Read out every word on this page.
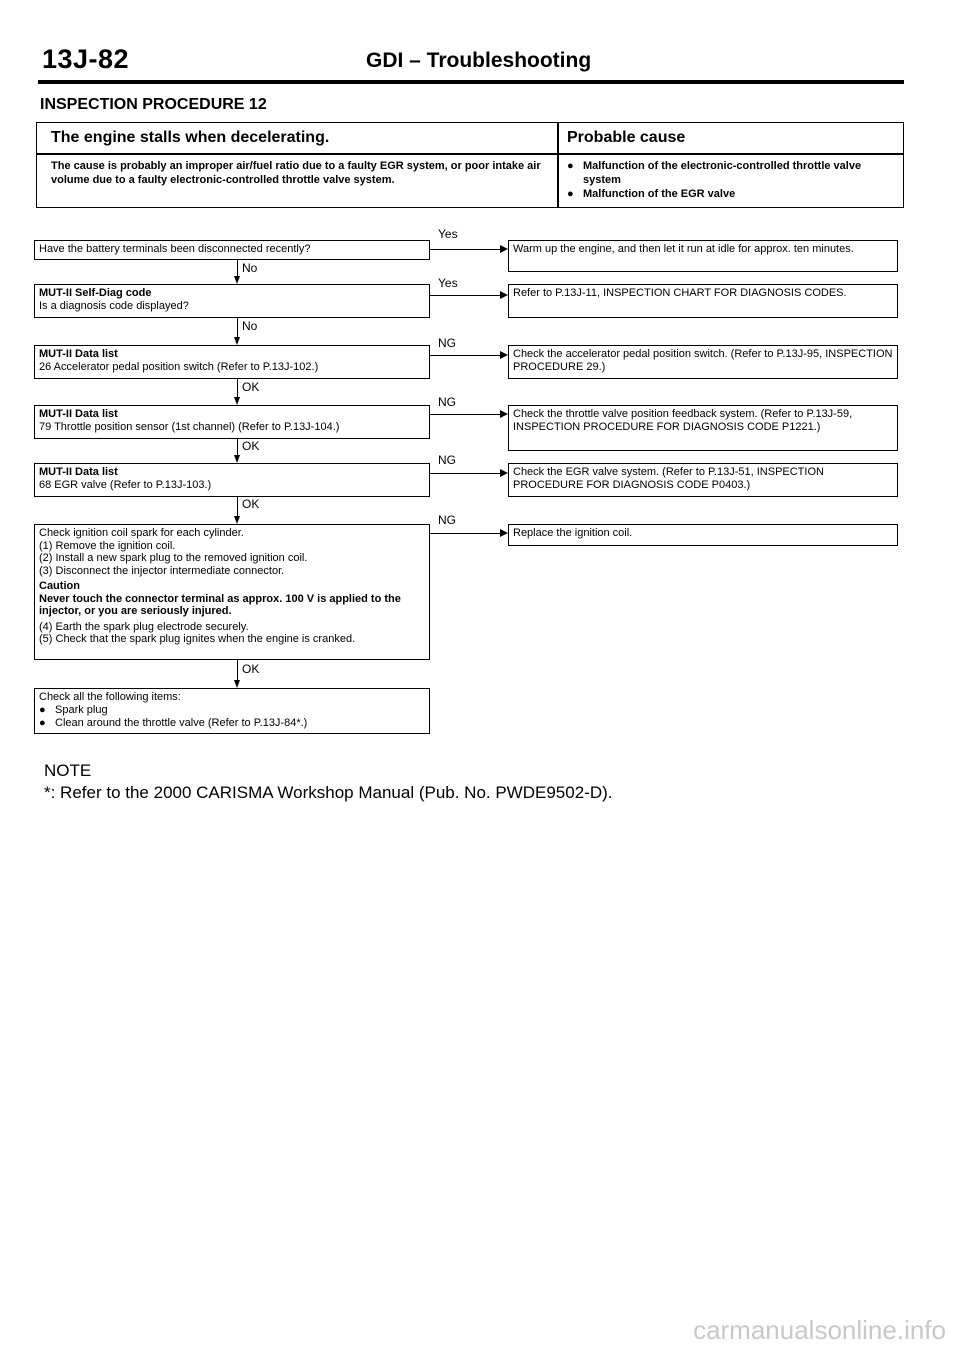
13J-82	GDI – Troubleshooting
INSPECTION PROCEDURE 12
The engine stalls when decelerating.	Probable cause
The cause is probably an improper air/fuel ratio due to a faulty EGR system, or poor intake air volume due to a faulty electronic-controlled throttle valve system.
● Malfunction of the electronic-controlled throttle valve system
● Malfunction of the EGR valve
Have the battery terminals been disconnected recently?
MUT-II Self-Diag code
Is a diagnosis code displayed?
MUT-II Data list
26 Accelerator pedal position switch (Refer to P.13J-102.)
MUT-II Data list
79 Throttle position sensor (1st channel) (Refer to P.13J-104.)
MUT-II Data list
68 EGR valve (Refer to P.13J-103.)
Check ignition coil spark for each cylinder.
(1) Remove the ignition coil.
(2) Install a new spark plug to the removed ignition coil.
(3) Disconnect the injector intermediate connector.
Caution
Never touch the connector terminal as approx. 100 V is applied to the injector, or you are seriously injured.
(4) Earth the spark plug electrode securely.
(5) Check that the spark plug ignites when the engine is cranked.
Check all the following items:
● Spark plug
● Clean around the throttle valve (Refer to P.13J-84*.)
Warm up the engine, and then let it run at idle for approx. ten minutes.
Refer to P.13J-11, INSPECTION CHART FOR DIAGNOSIS CODES.
Check the accelerator pedal position switch. (Refer to P.13J-95, INSPECTION PROCEDURE 29.)
Check the throttle valve position feedback system. (Refer to P.13J-59, INSPECTION PROCEDURE FOR DIAGNOSIS CODE P1221.)
Check the EGR valve system. (Refer to P.13J-51, INSPECTION PROCEDURE FOR DIAGNOSIS CODE P0403.)
Replace the ignition coil.
Yes
Yes
NG
NG
NG
NG
No
No
OK
OK
OK
OK
NOTE
*: Refer to the 2000 CARISMA Workshop Manual (Pub. No. PWDE9502-D).
carmanualsonline.info
